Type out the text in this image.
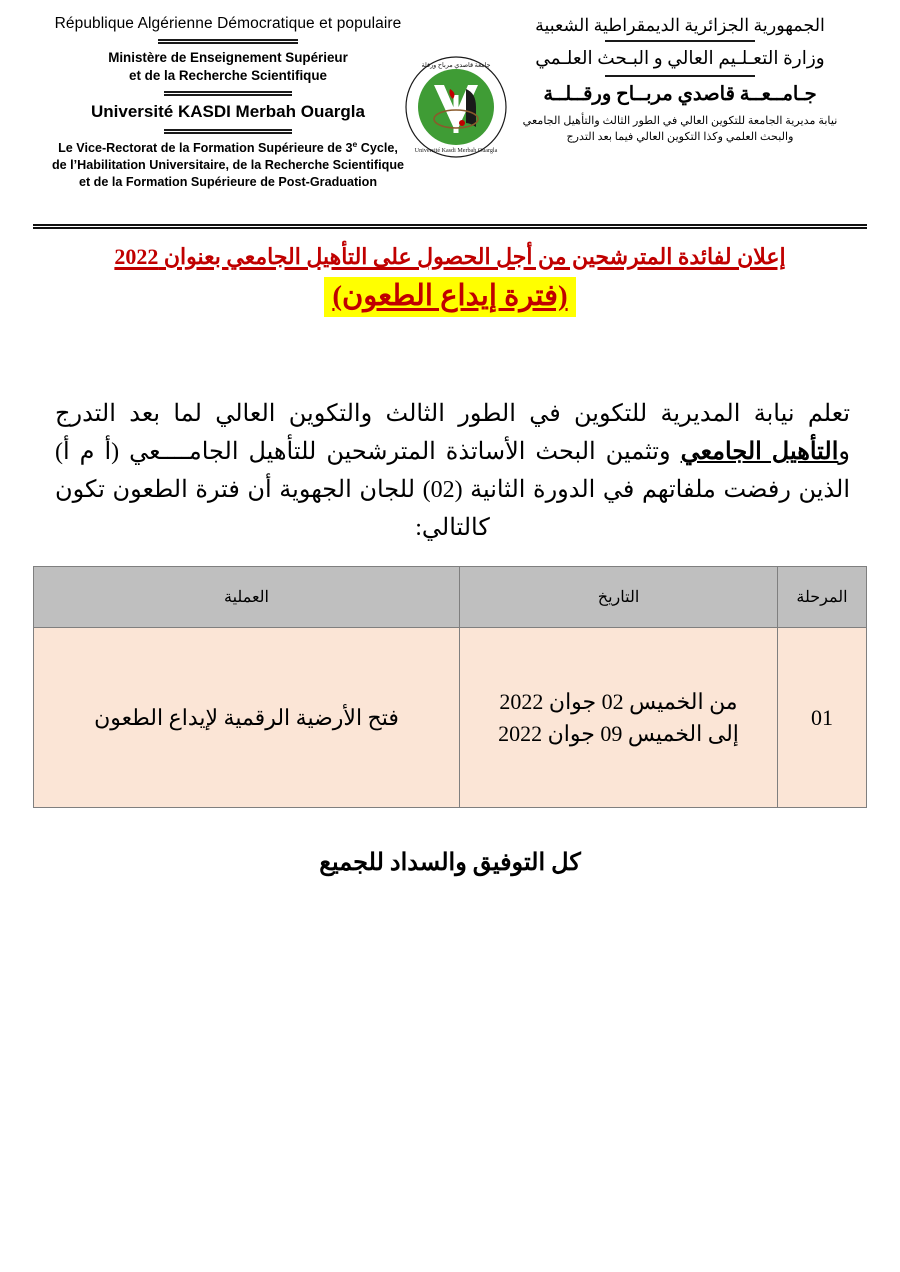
République Algérienne Démocratique et populaire
Ministère de Enseignement Supérieur
et de la Recherche Scientifique
Université KASDI Merbah Ouargla
Le Vice-Rectorat de la Formation Supérieure de 3e Cycle,
de l’Habilitation Universitaire, de la Recherche Scientifique
et de la Formation Supérieure de Post-Graduation
الجمهورية الجزائرية الديمقراطية الشعبية
وزارة التعـلـيم العالي و البـحث العلـمي
جـامــعــة قاصدي مربــاح ورقــلــة
نيابة مديرية الجامعة للتكوين العالي في الطور الثالث والتأهيل الجامعي
والبحث العلمي وكذا التكوين العالي فيما بعد التدرج
جامعة قاصدي مرباح ورقلة
Université Kasdi Merbah Ouargla
إعلان لفائدة المترشحين من أجل الحصول على التأهيل الجامعي بعنوان 2022
(فترة إيداع الطعون)
تعلم نيابة المديرية للتكوين في الطور الثالث والتكوين العالي لما بعد التدرج والتأهيل الجامعي وتثمين البحث الأساتذة المترشحين للتأهيل الجامــــعي (أ م أ) الذين رفضت ملفاتهم في الدورة الثانية (02) للجان الجهوية أن فترة الطعون تكون كالتالي:
المرحلة	التاريخ	العملية
01	من الخميس 02 جوان 2022
إلى الخميس 09 جوان 2022	فتح الأرضية الرقمية لإيداع الطعون
كل التوفيق والسداد للجميع
